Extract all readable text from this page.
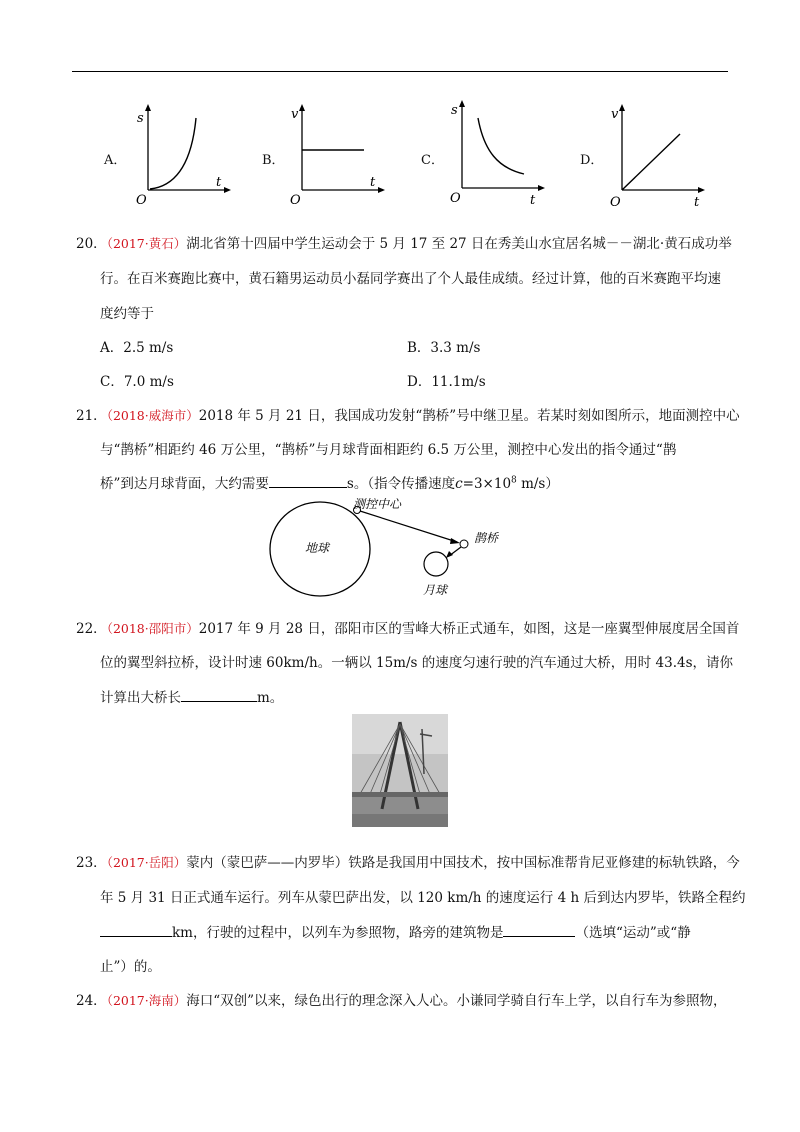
A．
s
t
O
B．
v
t
O
C．
s
t
O
D．
v
t
O
20．（2017·黄石）湖北省第十四届中学生运动会于 5 月 17 至 27 日在秀美山水宜居名城－－湖北·黄石成功举
行。在百米赛跑比赛中，黄石籍男运动员小磊同学赛出了个人最佳成绩。经过计算，他的百米赛跑平均速
度约等于
A．2.5 m/s	B．3.3 m/s
C．7.0 m/s	D．11.1m/s
21．（2018·威海市）2018 年 5 月 21 日，我国成功发射“鹊桥”号中继卫星。若某时刻如图所示，地面测控中心
与“鹊桥”相距约 46 万公里，“鹊桥”与月球背面相距约 6.5 万公里，测控中心发出的指令通过“鹊
桥”到达月球背面，大约需要	s。（指令传播速度$c=3\times 10^8$ m/s）
地球
测控中心
鹊桥
月球
22．（2018·邵阳市）2017 年 9 月 28 日，邵阳市区的雪峰大桥正式通车，如图，这是一座翼型伸展度居全国首
位的翼型斜拉桥，设计时速 60km/h。一辆以 15m/s 的速度匀速行驶的汽车通过大桥，用时 43.4s，请你
计算出大桥长	m。
23．（2017·岳阳）蒙内（蒙巴萨——内罗毕）铁路是我国用中国技术，按中国标准帮肯尼亚修建的标轨铁路，今
年 5 月 31 日正式通车运行。列车从蒙巴萨出发，以 120 km/h 的速度运行 4 h 后到达内罗毕，铁路全程约
km，行驶的过程中，以列车为参照物，路旁的建筑物是	（选填“运动”或“静
止”）的。
24．（2017·海南）海口“双创”以来，绿色出行的理念深入人心。小谦同学骑自行车上学，以自行车为参照物，
